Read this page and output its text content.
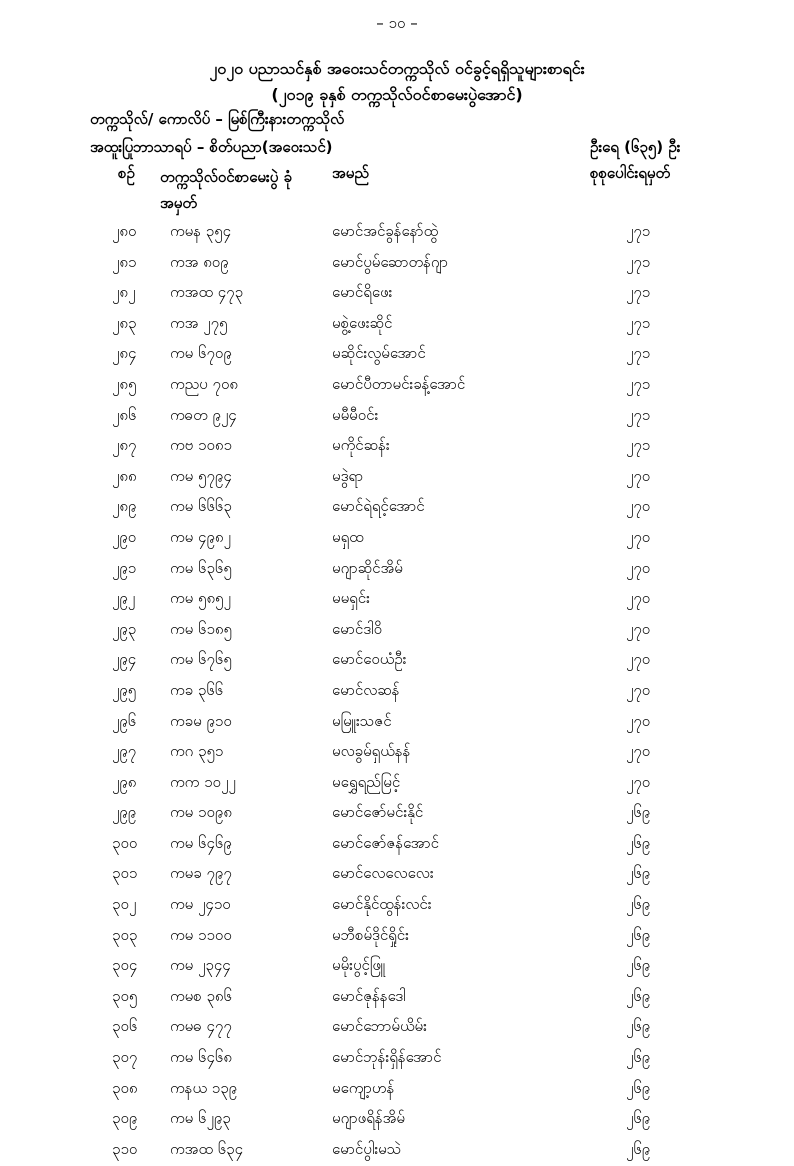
– ၁၀ –
၂၀၂၀ ပညာသင်နှစ် အဝေးသင်တက္ကသိုလ် ဝင်ခွင့်ရရှိသူများစာရင်း
(၂၀၁၉ ခုနှစ် တက္ကသိုလ်ဝင်စာမေးပွဲအောင်)
တက္ကသိုလ်/ ကောလိပ် – မြစ်ကြီးနားတက္ကသိုလ်
အထူးပြုဘာသာရပ် – စိတ်ပညာ(အဝေးသင်)	ဦးရေ (၆၃၅) ဦး
စဉ် တက္ကသိုလ်ဝင်စာမေးပွဲ ခုံအမှတ်
အမည်	စုစုပေါင်းရမှတ်
၂၈၀ ကမန ၃၅၄	မောင်အင်ခွန်နော်ထွဲ	၂၇၁
၂၈၁ ကအ ၈၀၉	မောင်ပွမ်ဆောတန်ဂျာ	၂၇၁
၂၈၂ ကအထ ၄၇၃	မောင်ရိဖေး	၂၇၁
၂၈၃ ကအ ၂၇၅	မစွဲ့ဖေးဆိုင်	၂၇၁
၂၈၄ ကမ ၆၇၀၉	မဆိုင်းလွမ်အောင်	၂၇၁
၂၈၅ ကညပ ၇၀၈	မောင်ပီတာမင်းခန့်အောင်	၂၇၁
၂၈၆ ကဓတ ၉၂၄	မမီမီဝင်း	၂၇၁
၂၈၇ ကဗ ၁၀၈၁	မကိုင်ဆန်း	၂၇၁
၂၈၈ ကမ ၅၇၉၄	မဒွဲရာ	၂၇၀
၂၈၉ ကမ ၆၆၆၃	မောင်ရဲရင့်အောင်	၂၇၀
၂၉၀ ကမ ၄၉၈၂	မရှထ	၂၇၀
၂၉၁ ကမ ၆၃၆၅	မဂျာဆိုင်အိမ်	၂၇၀
၂၉၂ ကမ ၅၈၅၂	မမရှင်း	၂၇၀
၂၉၃ ကမ ၆၁၈၅	မောင်ဒါဝိ	၂၇၀
၂၉၄ ကမ ၆၇၆၅	မောင်ဝေယံဦး	၂၇၀
၂၉၅ ကခ ၃၆၆	မောင်လဆန်	၂၇၀
၂၉၆ ကခမ ၉၁၀	မမြူးသဇင်	၂၇၀
၂၉၇ ကဂ ၃၅၁	မလခွမ်ရှယ်နန်	၂၇၀
၂၉၈ ကက ၁၀၂၂	မရွှေရည်မြင့်	၂၇၀
၂၉၉ ကမ ၁၀၉၈	မောင်ဇော်မင်းနိုင်	၂၆၉
၃၀၀ ကမ ၆၄၆၉	မောင်ဇော်ဇန်အောင်	၂၆၉
၃၀၁ ကမခ ၇၉၇	မောင်လေလေလေး	၂၆၉
၃၀၂ ကမ ၂၄၁၀	မောင်နိုင်ထွန်းလင်း	၂၆၉
၃၀၃ ကမ ၁၁၀၀	မဘီစမ်ဒိုင်ရှိုင်း	၂၆၉
၃၀၄ ကမ ၂၃၄၄	မမိုးပွင့်ဖြူ	၂၆၉
၃၀၅ ကမစ ၃၈၆	မောင်ဇုန်နဒေါ	၂၆၉
၃၀၆ ကမဓ ၄၇၇	မောင်ဘောမ်ယိမ်း	၂၆၉
၃၀၇ ကမ ၆၄၆၈	မောင်ဘုန်းရှိန်အောင်	၂၆၉
၃၀၈ ကနယ ၁၃၉	မကျော့ဟန်	၂၆၉
၃၀၉ ကမ ၆၂၉၃	မဂျာဖရိန်အိမ်	၂၆၉
၃၁၀ ကအထ ၆၃၄	မောင်ပွါးမသဲ	၂၆၉
